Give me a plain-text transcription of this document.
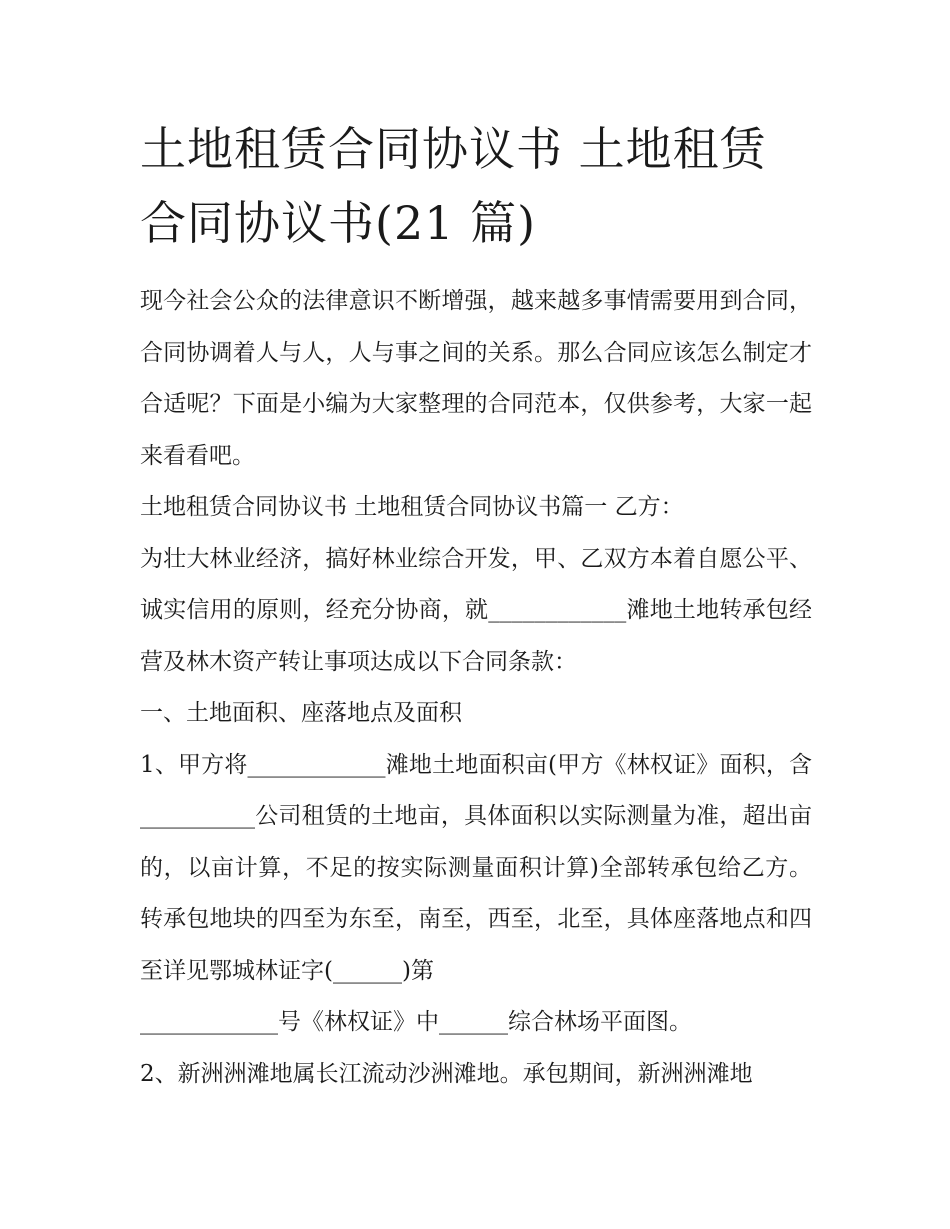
土地租赁合同协议书 土地租赁
合同协议书(21 篇)

现今社会公众的法律意识不断增强，越来越多事情需要用到合同，合同协调着人与人，人与事之间的关系。那么合同应该怎么制定才合适呢？下面是小编为大家整理的合同范本，仅供参考，大家一起来看看吧。

土地租赁合同协议书 土地租赁合同协议书篇一 乙方：

为壮大林业经济，搞好林业综合开发，甲、乙双方本着自愿公平、诚实信用的原则，经充分协商，就____________滩地土地转承包经营及林木资产转让事项达成以下合同条款：

一、土地面积、座落地点及面积

1、甲方将____________滩地土地面积亩(甲方《林权证》面积，含__________公司租赁的土地亩，具体面积以实际测量为准，超出亩的，以亩计算，不足的按实际测量面积计算)全部转承包给乙方。转承包地块的四至为东至，南至，西至，北至，具体座落地点和四至详见鄂城林证字(______)第

____________号《林权证》中______综合林场平面图。

2、新洲洲滩地属长江流动沙洲滩地。承包期间，新洲洲滩地
